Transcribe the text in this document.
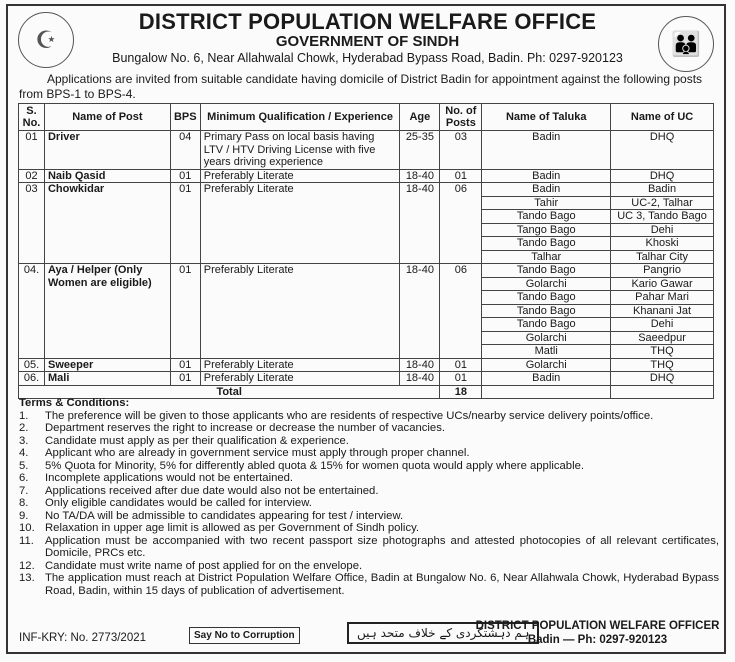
☪	👪
DISTRICT POPULATION WELFARE OFFICE
GOVERNMENT OF SINDH
Bungalow No. 6, Near Allahwalal Chowk, Hyderabad Bypass Road, Badin. Ph: 0297-920123
Applications are invited from suitable candidate having domicile of District Badin for appointment against the following posts from BPS-1 to BPS-4.
S. No.	Name of Post	BPS	Minimum Qualification / Experience	Age	No. of Posts	Name of Taluka	Name of UC
01	Driver	04	Primary Pass on local basis having LTV / HTV Driving License with five years driving experience	25-35	03	Badin	DHQ
02	Naib Qasid	01	Preferably Literate	18-40	01	Badin	DHQ
03	Chowkidar	01	Preferably Literate	18-40	06	Badin	Badin
						Tahir	UC-2, Talhar
						Tando Bago	UC 3, Tando Bago
						Tango Bago	Dehi
						Tando Bago	Khoski
						Talhar	Talhar City
04.	Aya / Helper (Only Women are eligible)	01	Preferably Literate	18-40	06	Tando Bago	Pangrio
						Golarchi	Kario Gawar
						Tando Bago	Pahar Mari
						Tando Bago	Khanani Jat
						Tando Bago	Dehi
						Golarchi	Saeedpur
						Matli	THQ
05.	Sweeper	01	Preferably Literate	18-40	01	Golarchi	THQ
06.	Mali	01	Preferably Literate	18-40	01	Badin	DHQ
Total					18		
Terms & Conditions:
1.	The preference will be given to those applicants who are residents of respective UCs/nearby service delivery points/office.
2.	Department reserves the right to increase or decrease the number of vacancies.
3.	Candidate must apply as per their qualification & experience.
4.	Applicant who are already in government service must apply through proper channel.
5.	5% Quota for Minority, 5% for differently abled quota & 15% for women quota would apply where applicable.
6.	Incomplete applications would not be entertained.
7.	Applications received after due date would also not be entertained.
8.	Only eligible candidates would be called for interview.
9.	No TA/DA will be admissible to candidates appearing for test / interview.
10. Relaxation in upper age limit is allowed as per Government of Sindh policy.
11. Application must be accompanied with two recent passport size photographs and attested photocopies of all relevant certificates, Domicile, PRCs etc.
12. Candidate must write name of post applied for on the envelope.
13. The application must reach at District Population Welfare Office, Badin at Bungalow No. 6, Near Allahwala Chowk, Hyderabad Bypass Road, Badin, within 15 days of publication of advertisement.
INF-KRY: No. 2773/2021	Say No to Corruption	ہم دہشتگردی کے خلاف متحد ہیں
DISTRICT POPULATION WELFARE OFFICER
Badin — Ph: 0297-920123
